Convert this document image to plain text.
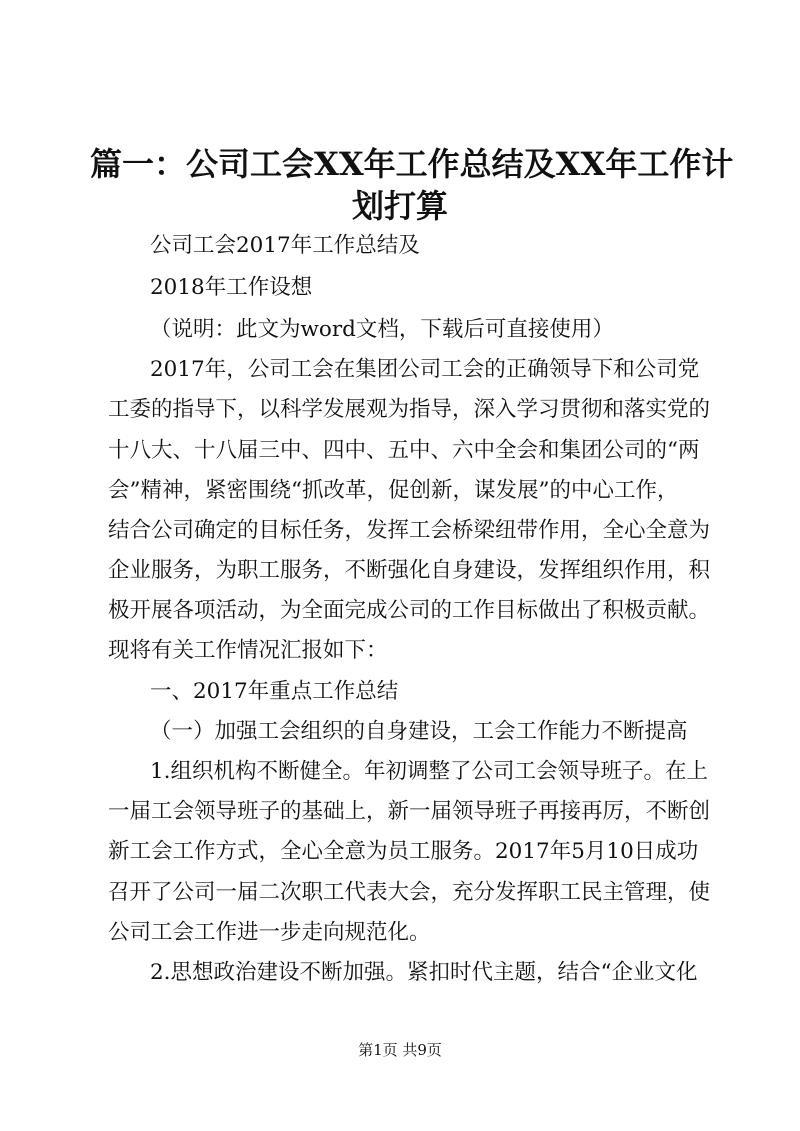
篇一：公司工会XX年工作总结及XX年工作计
划打算

公司工会2017年工作总结及

2018年工作设想

（说明：此文为word文档，下载后可直接使用）

2017年，公司工会在集团公司工会的正确领导下和公司党

工委的指导下，以科学发展观为指导，深入学习贯彻和落实党的

十八大、十八届三中、四中、五中、六中全会和集团公司的“两

会”精神，紧密围绕“抓改革，促创新，谋发展”的中心工作，

结合公司确定的目标任务，发挥工会桥梁纽带作用，全心全意为

企业服务，为职工服务，不断强化自身建设，发挥组织作用，积

极开展各项活动，为全面完成公司的工作目标做出了积极贡献。

现将有关工作情况汇报如下：

一、2017年重点工作总结

（一）加强工会组织的自身建设，工会工作能力不断提高

1.组织机构不断健全。年初调整了公司工会领导班子。在上

一届工会领导班子的基础上，新一届领导班子再接再厉，不断创

新工会工作方式，全心全意为员工服务。2017年5月10日成功

召开了公司一届二次职工代表大会，充分发挥职工民主管理，使

公司工会工作进一步走向规范化。

2.思想政治建设不断加强。紧扣时代主题，结合“企业文化

第1页 共9页
